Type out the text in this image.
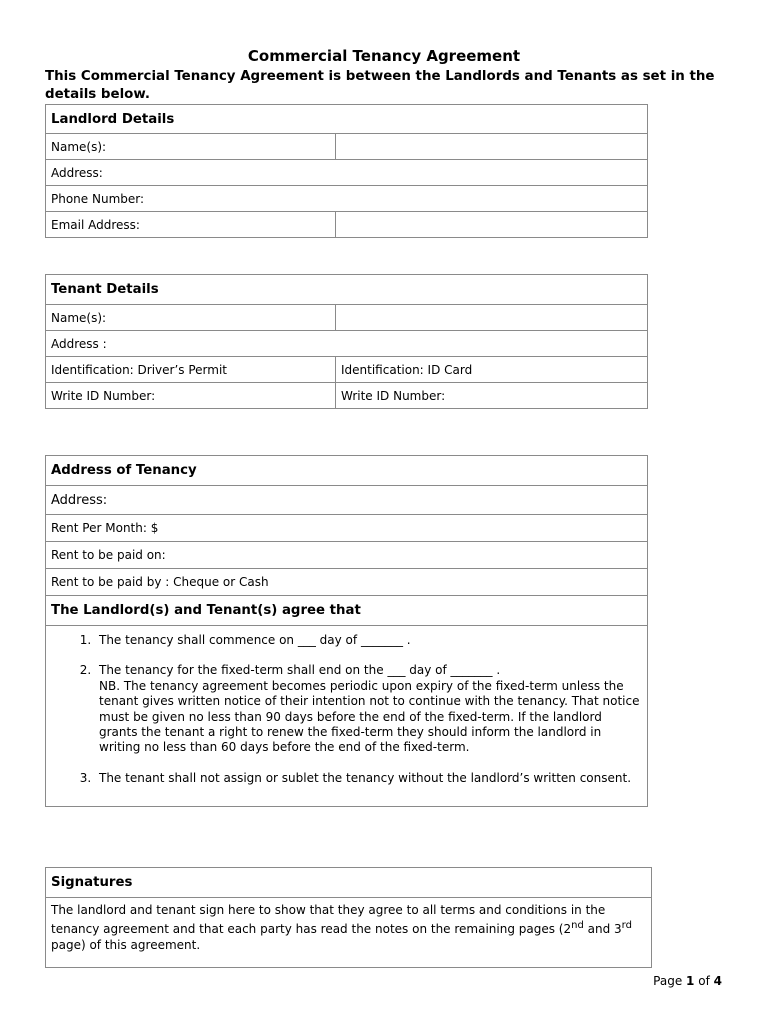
Commercial Tenancy Agreement
This Commercial Tenancy Agreement is between the Landlords and Tenants as set in the details below.
Landlord Details	
Name(s):	
Address:	
Phone Number:	
Email Address:	
Tenant Details	
Name(s):	
Address :	
Identification: Driver’s Permit	Identification: ID Card
Write ID Number:	Write ID Number:
Address of Tenancy
Address:
Rent Per Month: $
Rent to be paid on:
Rent to be paid by : Cheque or Cash
The Landlord(s) and Tenant(s) agree that

1. The tenancy shall commence on ___ day of _______ .
2. The tenancy for the fixed-term shall end on the ___ day of _______ .
NB. The tenancy agreement becomes periodic upon expiry of the fixed-term unless the tenant gives written notice of their intention not to continue with the tenancy. That notice must be given no less than 90 days before the end of the fixed-term. If the landlord grants the tenant a right to renew the fixed-term they should inform the landlord in writing no less than 60 days before the end of the fixed-term.
3. The tenant shall not assign or sublet the tenancy without the landlord’s written consent.
Signatures
The landlord and tenant sign here to show that they agree to all terms and conditions in the tenancy agreement and that each party has read the notes on the remaining pages (2nd and 3rd page) of this agreement.
Page 1 of 4
